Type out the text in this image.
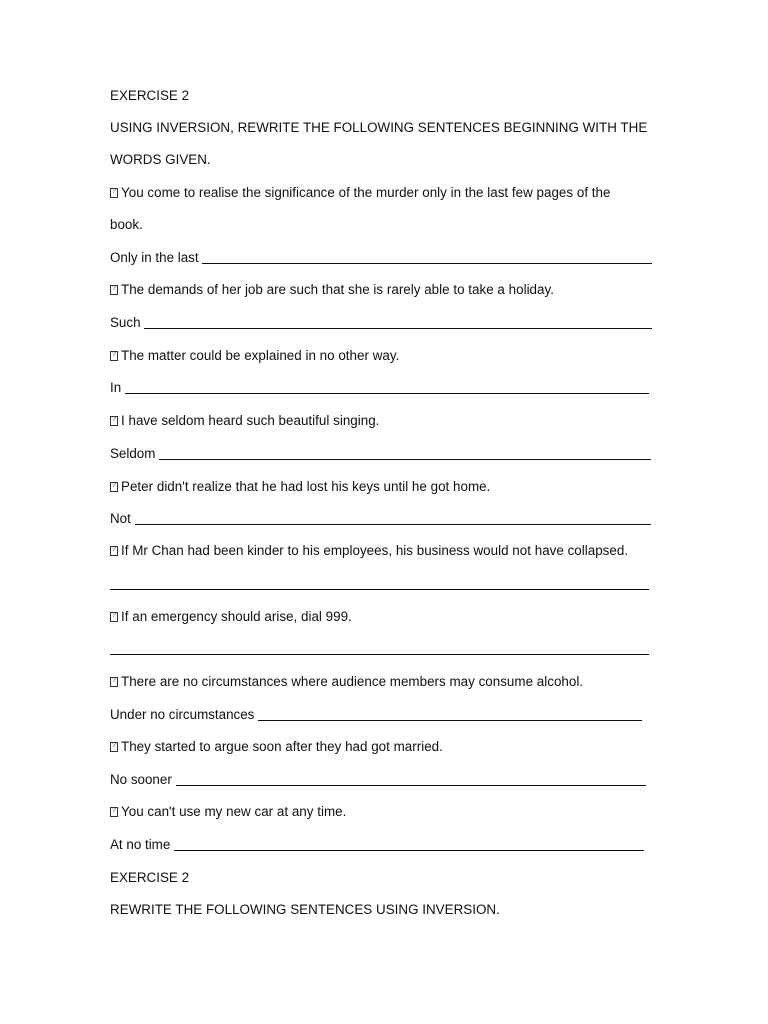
EXERCISE 2
USING INVERSION, REWRITE THE FOLLOWING SENTENCES BEGINNING WITH THE
WORDS GIVEN.
?You come to realise the significance of the murder only in the last few pages of the
book.
Only in the last
?The demands of her job are such that she is rarely able to take a holiday.
Such
?The matter could be explained in no other way.
In
?I have seldom heard such beautiful singing.
Seldom
?Peter didn't realize that he had lost his keys until he got home.
Not
?If Mr Chan had been kinder to his employees, his business would not have collapsed.
?If an emergency should arise, dial 999.
?There are no circumstances where audience members may consume alcohol.
Under no circumstances
?They started to argue soon after they had got married.
No sooner
?You can't use my new car at any time.
At no time
EXERCISE 2
REWRITE THE FOLLOWING SENTENCES USING INVERSION.
